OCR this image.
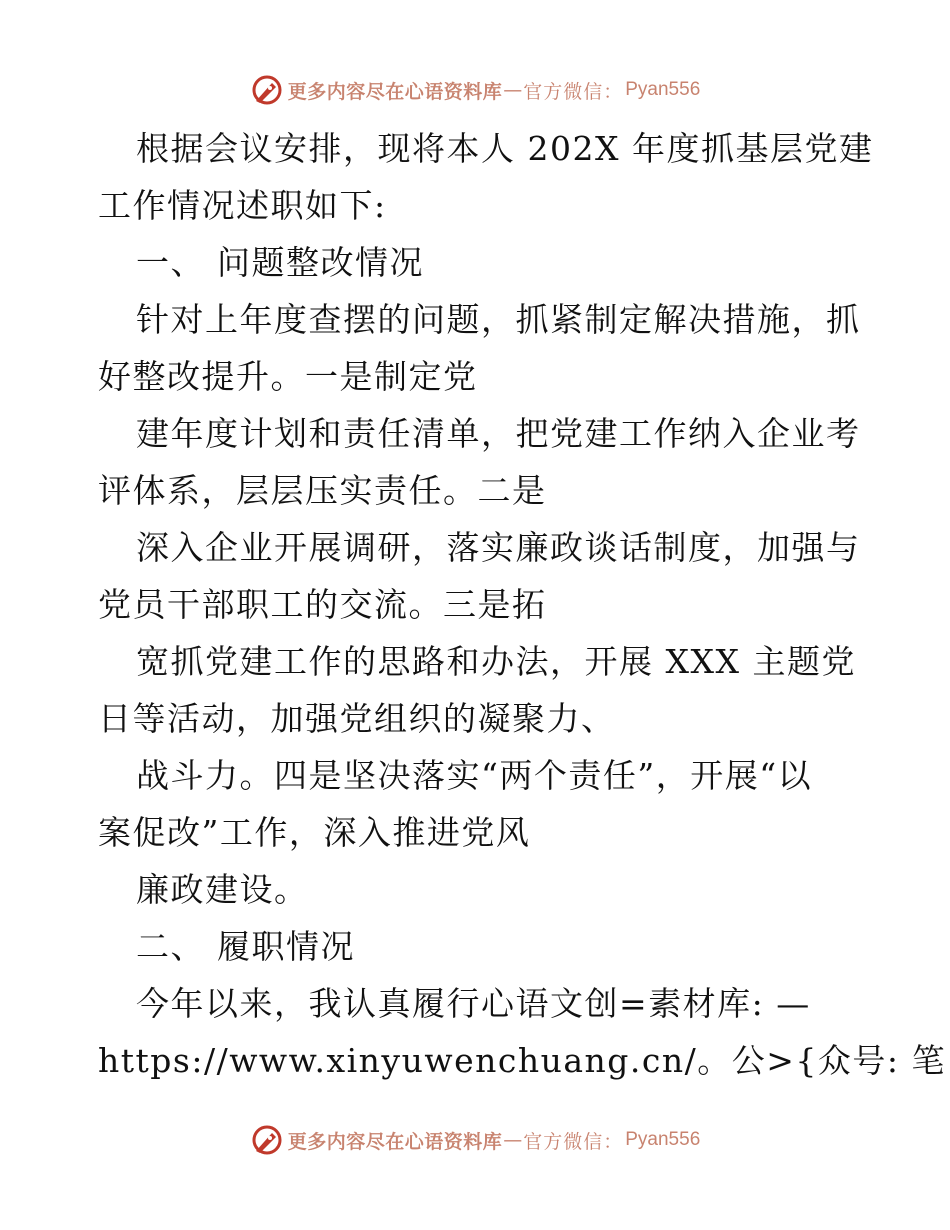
更多内容尽在心语资料库 — 官方微信： Pyan556
根据会议安排，现将本人 202X 年度抓基层党建
工作情况述职如下:
一、 问题整改情况
针对上年度查摆的问题，抓紧制定解决措施，抓
好整改提升。一是制定党
建年度计划和责任清单，把党建工作纳入企业考
评体系，层层压实责任。二是
深入企业开展调研，落实廉政谈话制度，加强与
党员干部职工的交流。三是拓
宽抓党建工作的思路和办法，开展 XXX 主题党
日等活动，加强党组织的凝聚力、
战斗力。四是坚决落实“两个责任”，开展“以
案促改”工作，深入推进党风
廉政建设。
二、 履职情况
今年以来，我认真履行心语文创=素材库: —
https://www.xinyuwenchuang.cn/。公>{众号: 笔
更多内容尽在心语资料库 — 官方微信： Pyan556
